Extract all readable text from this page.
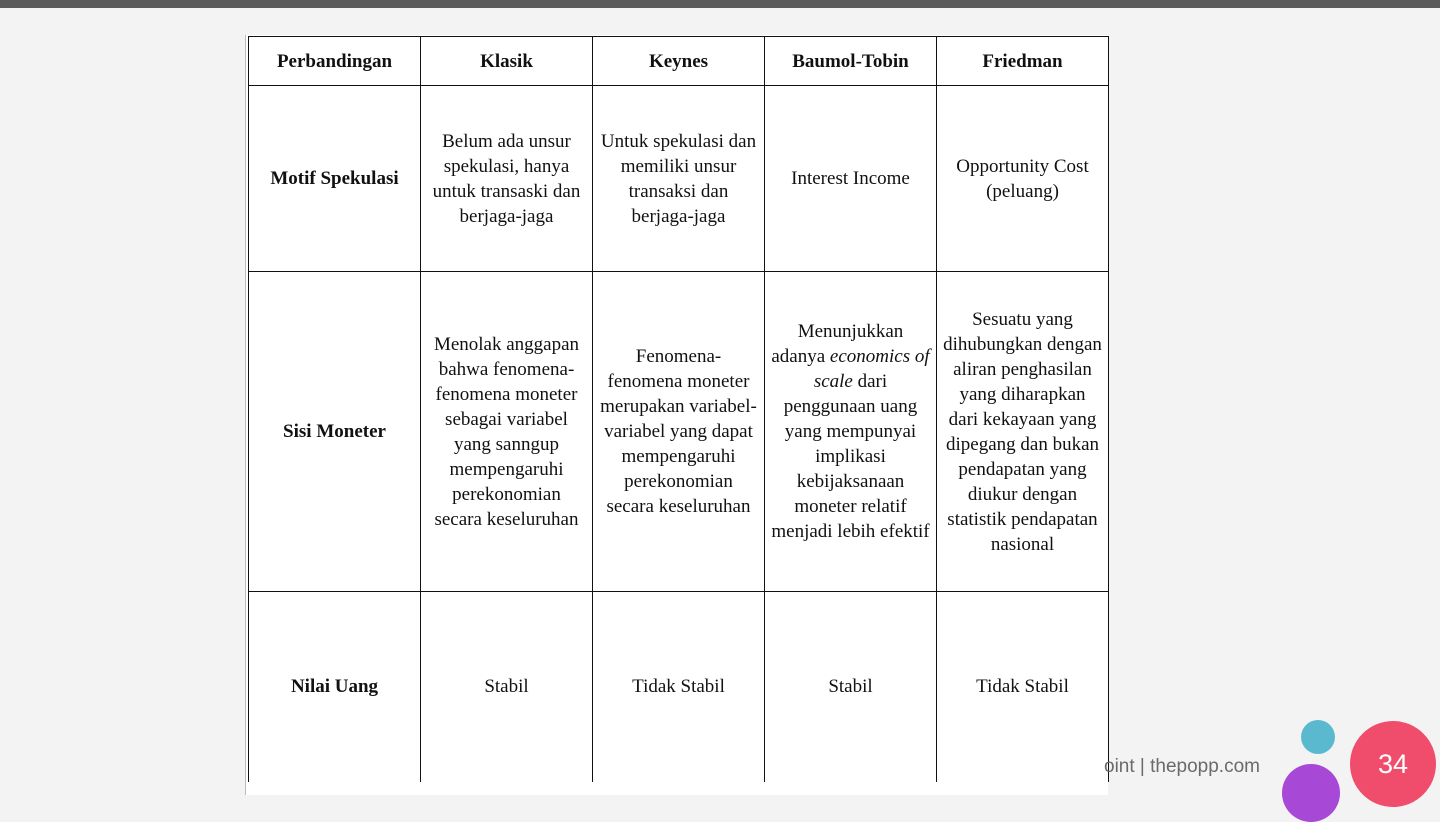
Perbandingan	Klasik	Keynes	Baumol-Tobin	Friedman
Motif Spekulasi	Belum ada unsur spekulasi, hanya untuk transaski dan berjaga-jaga	Untuk spekulasi dan memiliki unsur transaksi dan berjaga-jaga	Interest Income	Opportunity Cost (peluang)
Sisi Moneter	Menolak anggapan bahwa fenomena-fenomena moneter sebagai variabel yang sanngup mempengaruhi perekonomian secara keseluruhan	Fenomena-fenomena moneter merupakan variabel-variabel yang dapat mempengaruhi perekonomian secara keseluruhan	Menunjukkan adanya economics of scale dari penggunaan uang yang mempunyai implikasi kebijaksanaan moneter relatif menjadi lebih efektif	Sesuatu yang dihubungkan dengan aliran penghasilan yang diharapkan dari kekayaan yang dipegang dan bukan pendapatan yang diukur dengan statistik pendapatan nasional
Nilai Uang	Stabil	Tidak Stabil	Stabil	Tidak Stabil
oint | thepopp.com	34
